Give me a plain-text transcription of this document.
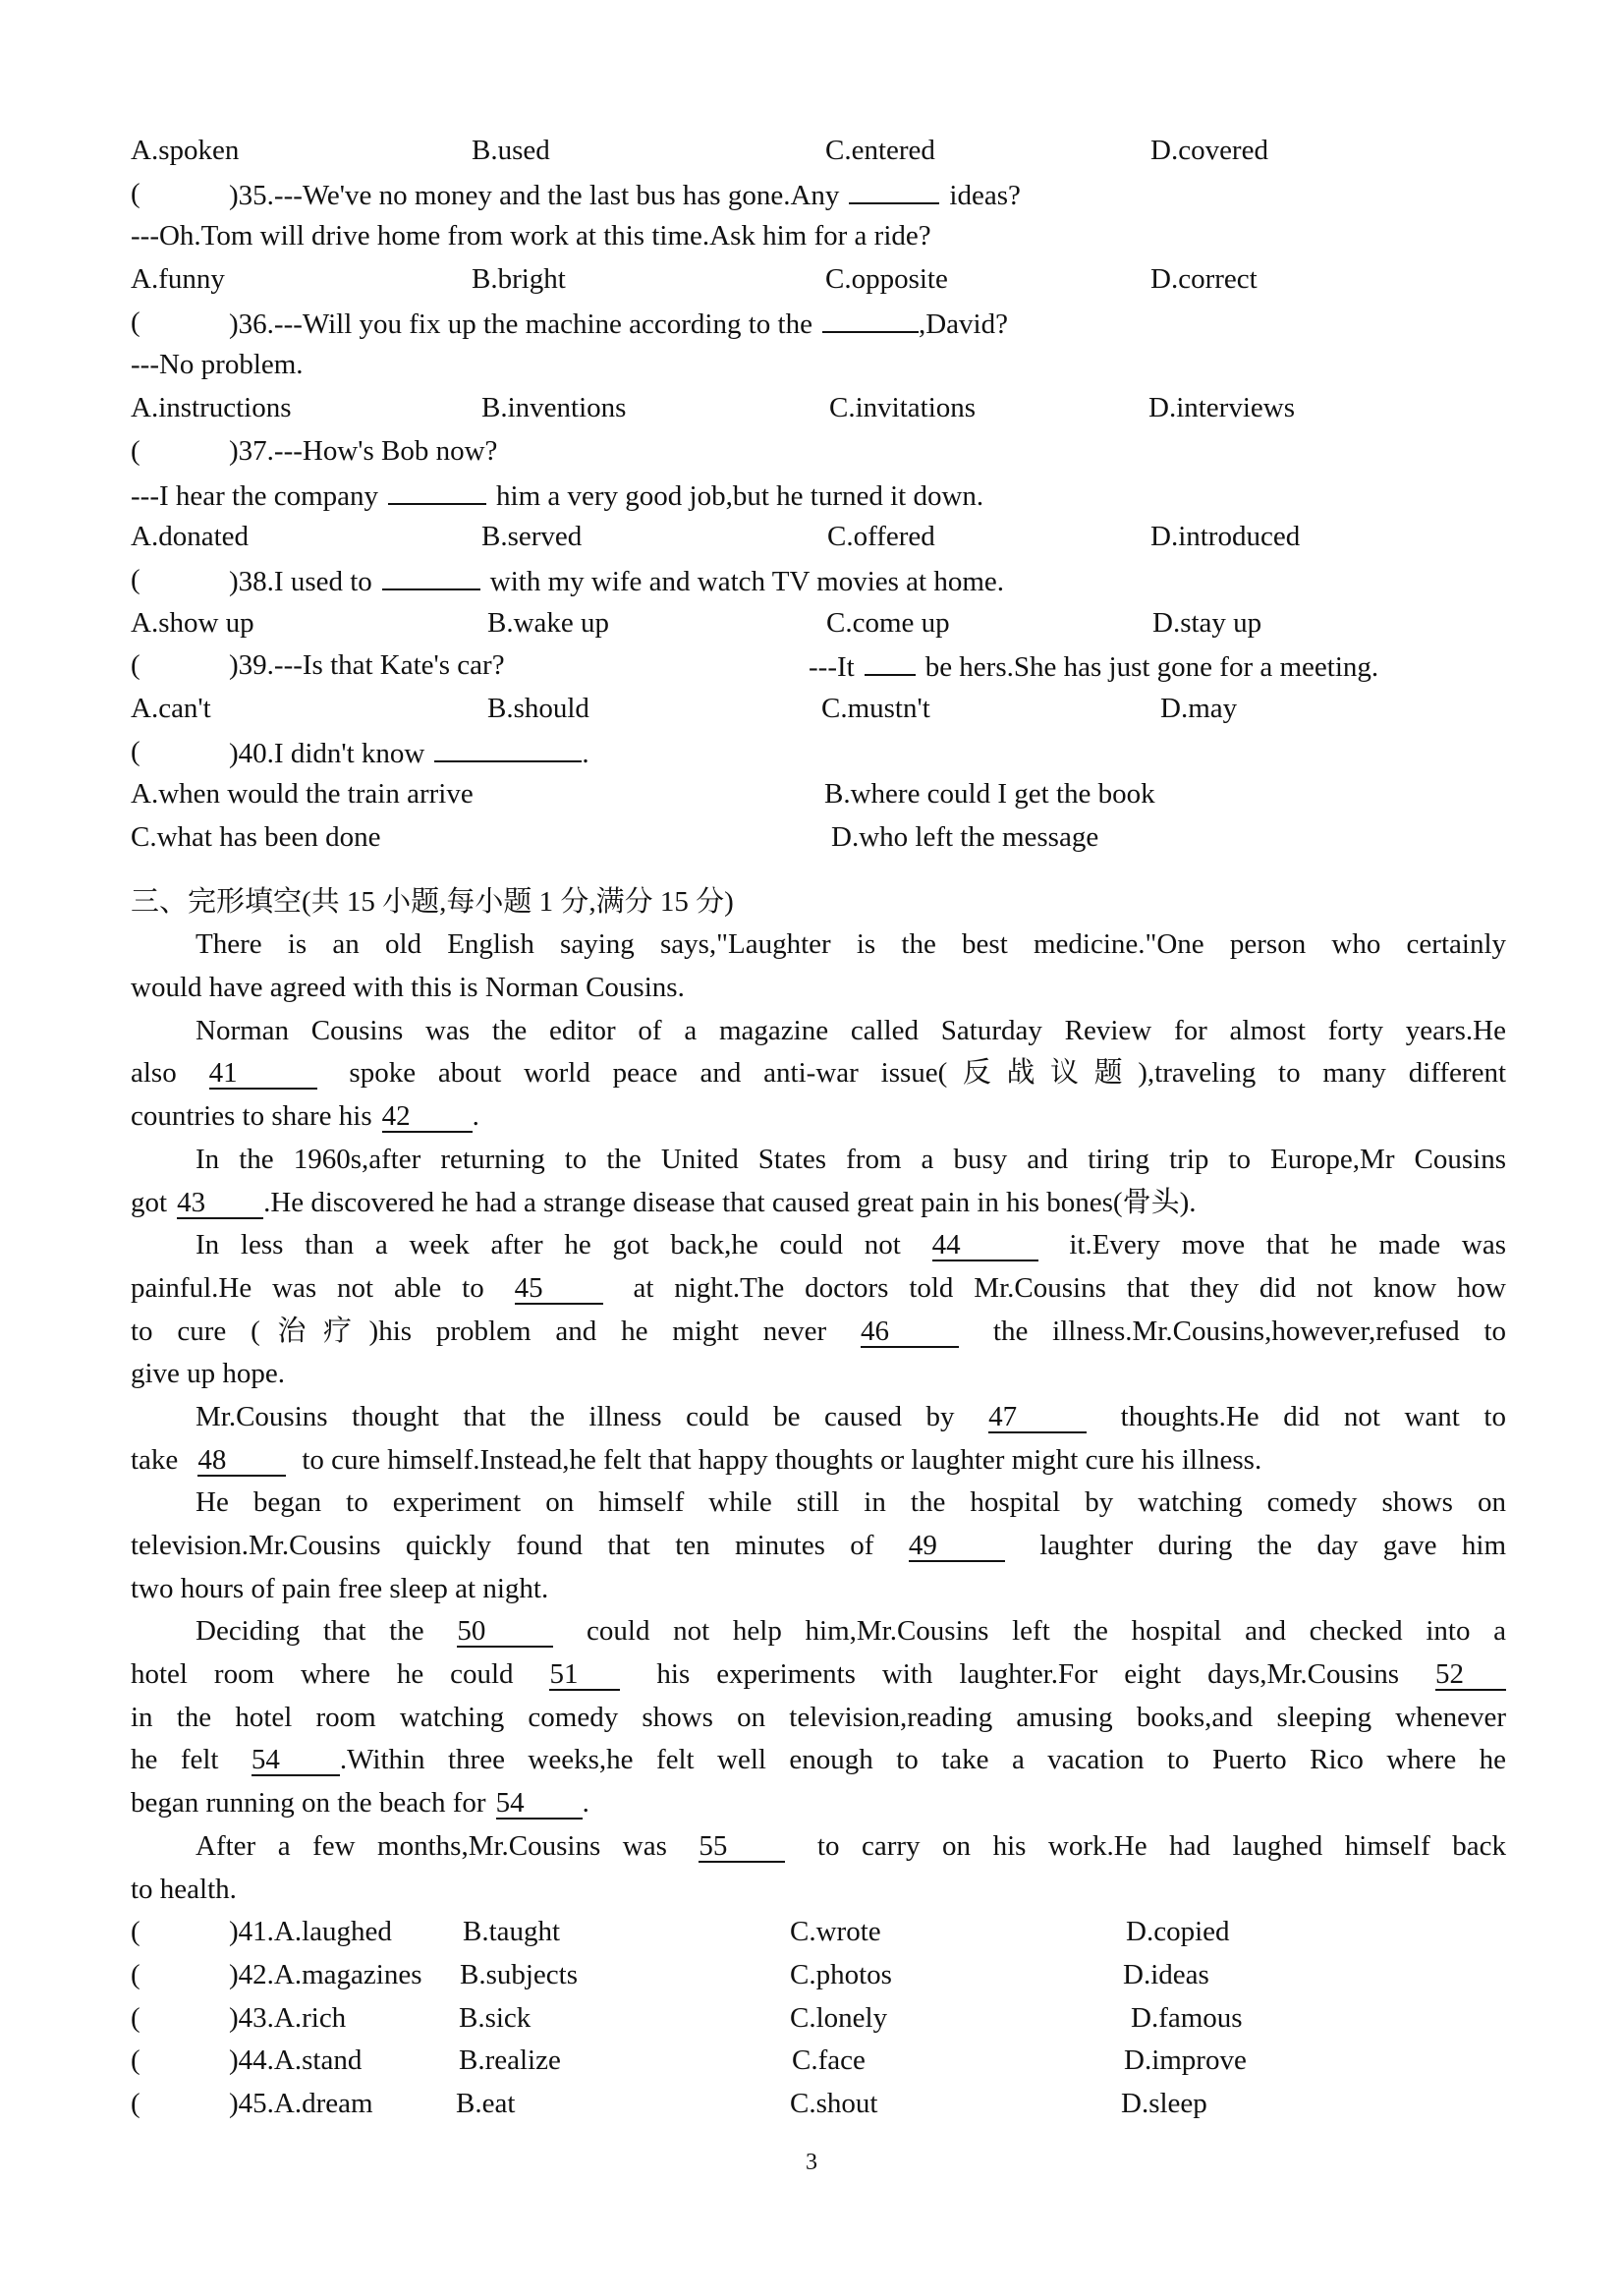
A.spoken	B.used	C.entered	D.covered
(	)35.---We've no money and the last bus has gone.Any	ideas?
---Oh.Tom will drive home from work at this time.Ask him for a ride?
A.funny	B.bright	C.opposite	D.correct
(	)36.---Will you fix up the machine according to the	,David?
---No problem.
A.instructions	B.inventions	C.invitations	D.interviews
(	)37.---How's Bob now?
---I hear the company	him a very good job,but he turned it down.
A.donated	B.served	C.offered	D.introduced
(	)38.I used to	with my wife and watch TV movies at home.
A.show up	B.wake up	C.come up	D.stay up
(	)39.---Is that Kate's car?	---It be hers.She has just gone for a meeting.
A.can't	B.should	C.mustn't	D.may
(	)40.I didn't know	.
A.when would the train arrive	B.where could I get the book
C.what has been done	D.who left the message
三、完形填空(共 15 小题,每小题 1 分,满分 15 分)
There is an old English saying says,"Laughter is the best medicine."One person who certainly
would have agreed with this is Norman Cousins.
Norman Cousins was the editor of a magazine called Saturday Review for almost forty years.He
also 41	spoke about world peace and anti-war issue(反战议题),traveling to many different
countries to share his 42 .
In the 1960s,after returning to the United States from a busy and tiring trip to Europe,Mr Cousins
got 43 .He discovered he had a strange disease that caused great pain in his bones(骨头).
In less than a week after he got back,he could not 44	it.Every move that he made was
painful.He was not able to 45	at night.The doctors told Mr.Cousins that they did not know how
to cure (治疗)his problem and he might never 46	the illness.Mr.Cousins,however,refused to
give up hope.
Mr.Cousins thought that the illness could be caused by 47	thoughts.He did not want to
take 48	to cure himself.Instead,he felt that happy thoughts or laughter might cure his illness.
He began to experiment on himself while still in the hospital by watching comedy shows on
television.Mr.Cousins quickly found that ten minutes of 49	laughter during the day gave him
two hours of pain free sleep at night.
Deciding that the 50	could not help him,Mr.Cousins left the hospital and checked into a
hotel room where he could 51	his experiments with laughter.For eight days,Mr.Cousins 52
in the hotel room watching comedy shows on television,reading amusing books,and sleeping whenever
he felt 54 .Within three weeks,he felt well enough to take a vacation to Puerto Rico where he
began running on the beach for 54 .
After a few months,Mr.Cousins was 55	to carry on his work.He had laughed himself back
to health.
(	)41.A.laughed B.taught	C.wrote	D.copied
(	)42.A.magazines B.subjects	C.photos	D.ideas
(	)43.A.rich	B.sick	C.lonely	D.famous
(	)44.A.stand	B.realize	C.face	D.improve
(	)45.A.dream	B.eat	C.shout	D.sleep
3
